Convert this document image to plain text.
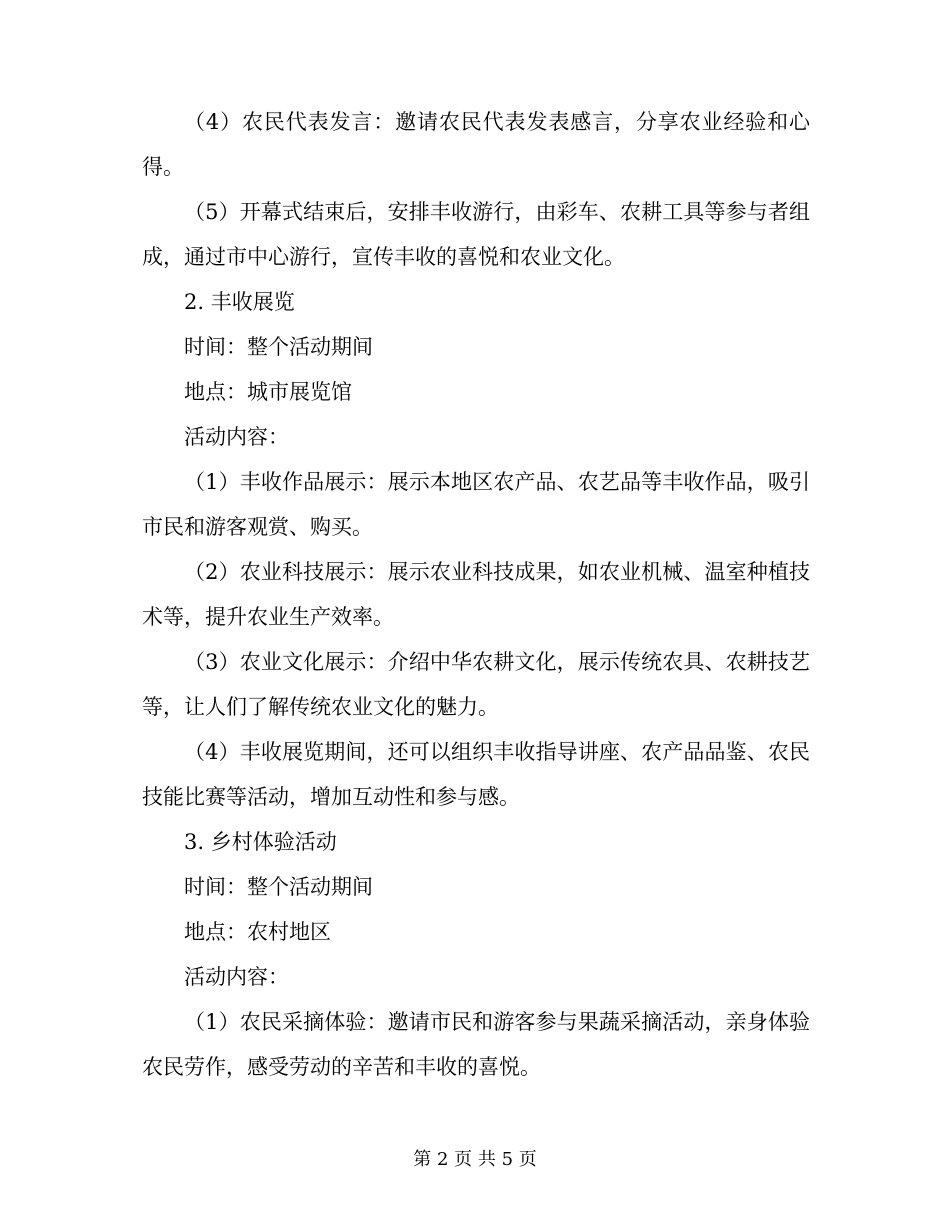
（4）农民代表发言：邀请农民代表发表感言，分享农业经验和心得。

（5）开幕式结束后，安排丰收游行，由彩车、农耕工具等参与者组成，通过市中心游行，宣传丰收的喜悦和农业文化。

2. 丰收展览

时间：整个活动期间

地点：城市展览馆

活动内容：

（1）丰收作品展示：展示本地区农产品、农艺品等丰收作品，吸引市民和游客观赏、购买。

（2）农业科技展示：展示农业科技成果，如农业机械、温室种植技术等，提升农业生产效率。

（3）农业文化展示：介绍中华农耕文化，展示传统农具、农耕技艺等，让人们了解传统农业文化的魅力。

（4）丰收展览期间，还可以组织丰收指导讲座、农产品品鉴、农民技能比赛等活动，增加互动性和参与感。

3. 乡村体验活动

时间：整个活动期间

地点：农村地区

活动内容：

（1）农民采摘体验：邀请市民和游客参与果蔬采摘活动，亲身体验农民劳作，感受劳动的辛苦和丰收的喜悦。

第 2 页 共 5 页
